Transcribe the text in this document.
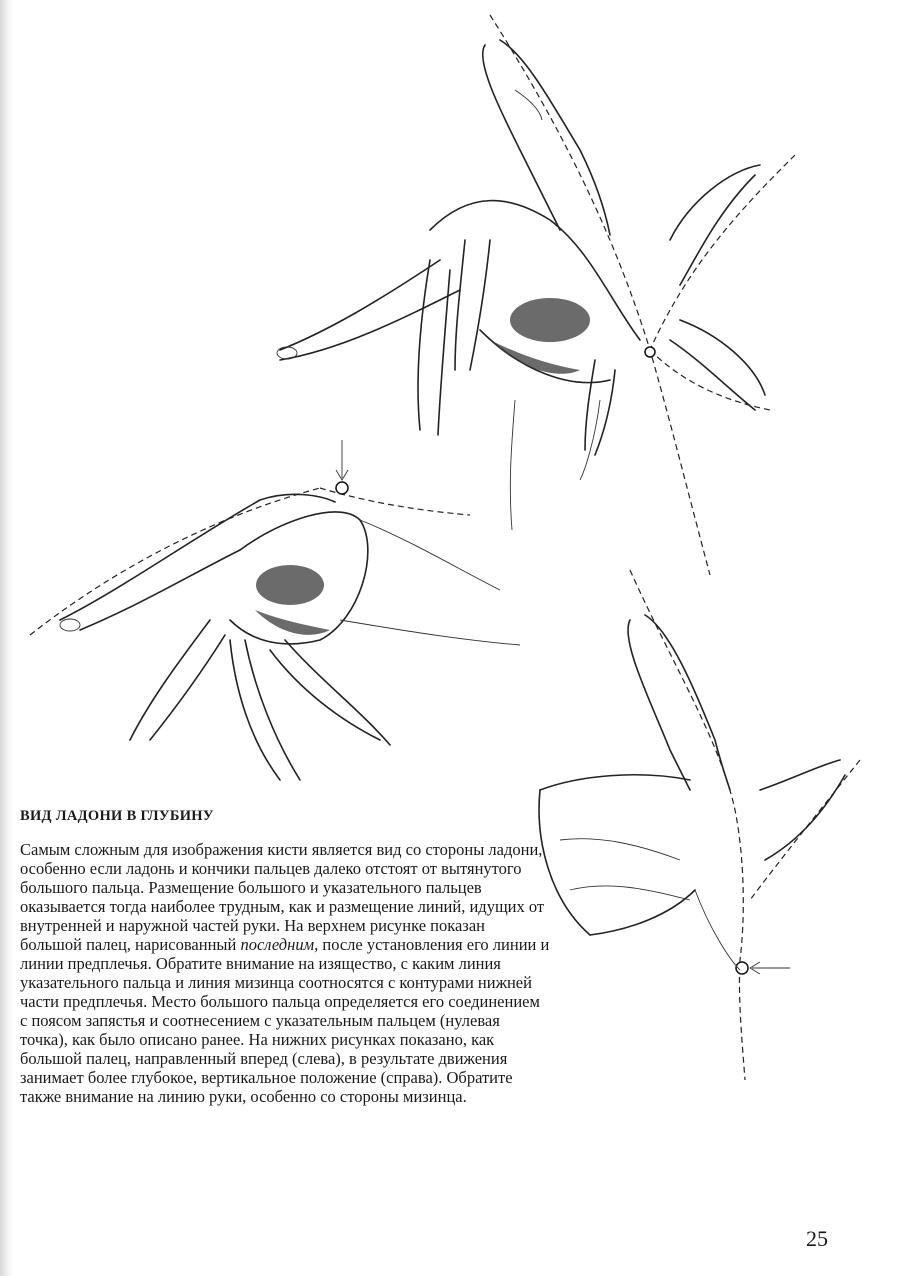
ВИД ЛАДОНИ В ГЛУБИНУ

Самым сложным для изображения кисти является вид со стороны ладони, особенно если ладонь и кончики пальцев далеко отстоят от вытянутого большого пальца. Размещение большого и указательного пальцев оказывается тогда наиболее трудным, как и размещение линий, идущих от внутренней и наружной частей руки. На верхнем рисунке показан большой палец, нарисованный последним, после установления его линии и линии предплечья. Обратите внимание на изящество, с каким линия указательного пальца и линия мизинца соотносятся с контурами нижней части предплечья. Место большого пальца определяется его соединением с поясом запястья и соотнесением с указательным пальцем (нулевая точка), как было описано ранее. На нижних рисунках показано, как большой палец, направленный вперед (слева), в результате движения занимает более глубокое, вертикальное положение (справа). Обратите также внимание на линию руки, особенно со стороны мизинца.

25
